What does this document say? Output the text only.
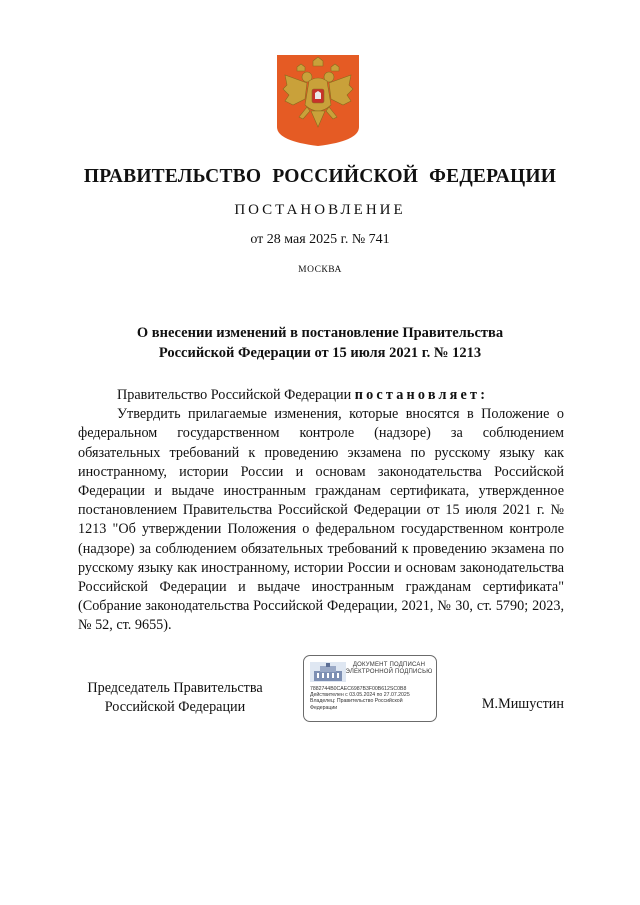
ПРАВИТЕЛЬСТВО РОССИЙСКОЙ ФЕДЕРАЦИИ
ПОСТАНОВЛЕНИЕ
от 28 мая 2025 г. № 741
МОСКВА
О внесении изменений в постановление Правительства
Российской Федерации от 15 июля 2021 г. № 1213

Правительство Российской Федерации постановляет:

Утвердить прилагаемые изменения, которые вносятся в Положение о федеральном государственном контроле (надзоре) за соблюдением обязательных требований к проведению экзамена по русскому языку как иностранному, истории России и основам законодательства Российской Федерации и выдаче иностранным гражданам сертификата, утвержденное постановлением Правительства Российской Федерации от 15 июля 2021 г. № 1213 "Об утверждении Положения о федеральном государственном контроле (надзоре) за соблюдением обязательных требований к проведению экзамена по русскому языку как иностранному, истории России и основам законодательства Российской Федерации и выдаче иностранным гражданам сертификата" (Собрание законодательства Российской Федерации, 2021, № 30, ст. 5790; 2023, № 52, ст. 9655).

Председатель Правительства
Российской Федерации
ДОКУМЕНТ ПОДПИСАН
ЭЛЕКТРОННОЙ ПОДПИСЬЮ
7882744B0CAEC6987B3F00B612SC0B8
Действителен с 03.05.2024 по 27.07.2025
Владелец: Правительство Российской
Федерации	М.Мишустин
